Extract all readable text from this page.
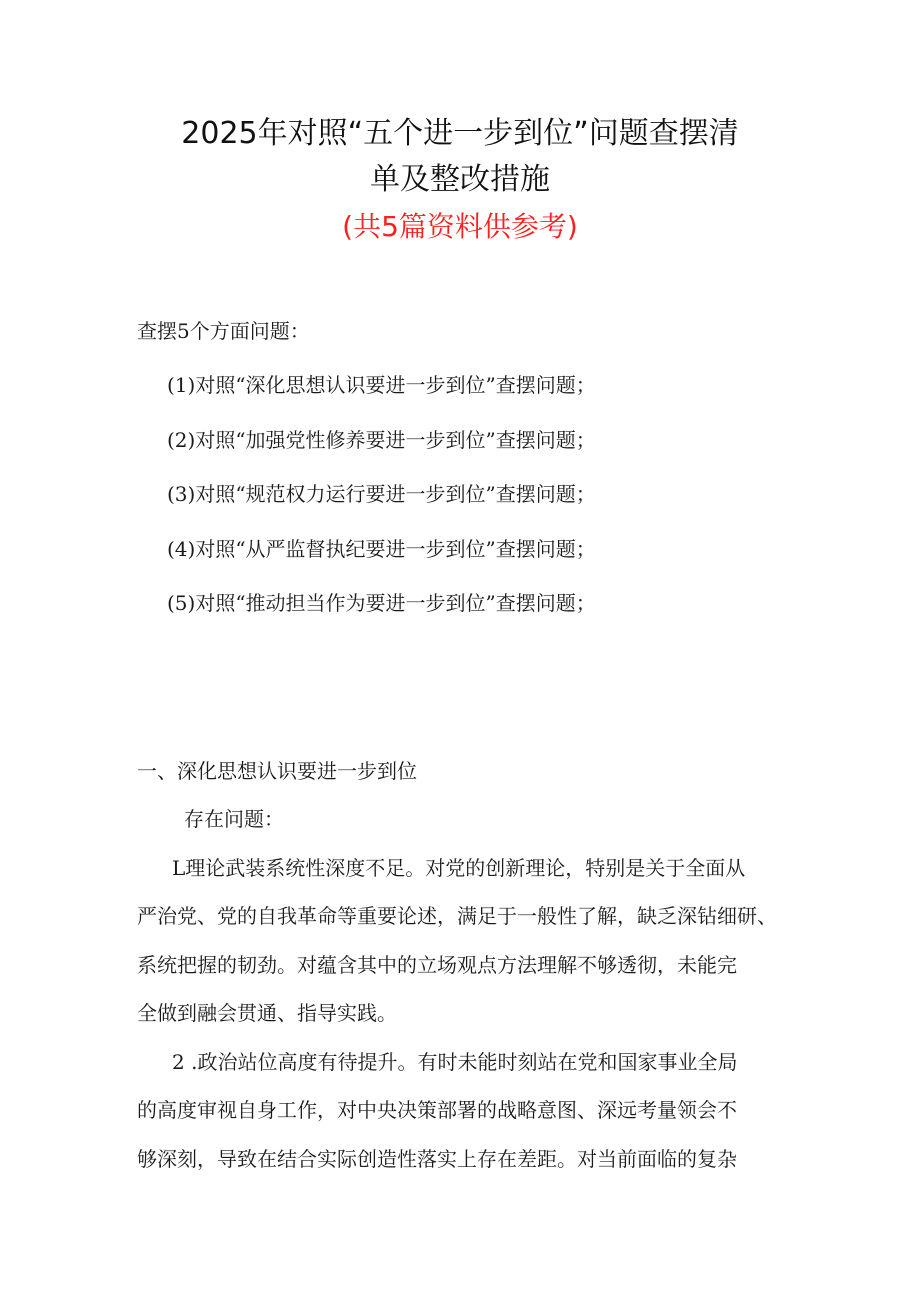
2025年对照“五个进一步到位”问题查摆清
单及整改措施
(共5篇资料供参考)
查摆5个方面问题：
(1)对照“深化思想认识要进一步到位”查摆问题；
(2)对照“加强党性修养要进一步到位”查摆问题；
(3)对照“规范权力运行要进一步到位”查摆问题；
(4)对照“从严监督执纪要进一步到位”查摆问题；
(5)对照“推动担当作为要进一步到位”查摆问题；
一、深化思想认识要进一步到位
存在问题：
L理论武装系统性深度不足。对党的创新理论，特别是关于全面从
严治党、党的自我革命等重要论述，满足于一般性了解，缺乏深钻细研、
系统把握的韧劲。对蕴含其中的立场观点方法理解不够透彻，未能完
全做到融会贯通、指导实践。
2 .政治站位高度有待提升。有时未能时刻站在党和国家事业全局
的高度审视自身工作，对中央决策部署的战略意图、深远考量领会不
够深刻，导致在结合实际创造性落实上存在差距。对当前面临的复杂
